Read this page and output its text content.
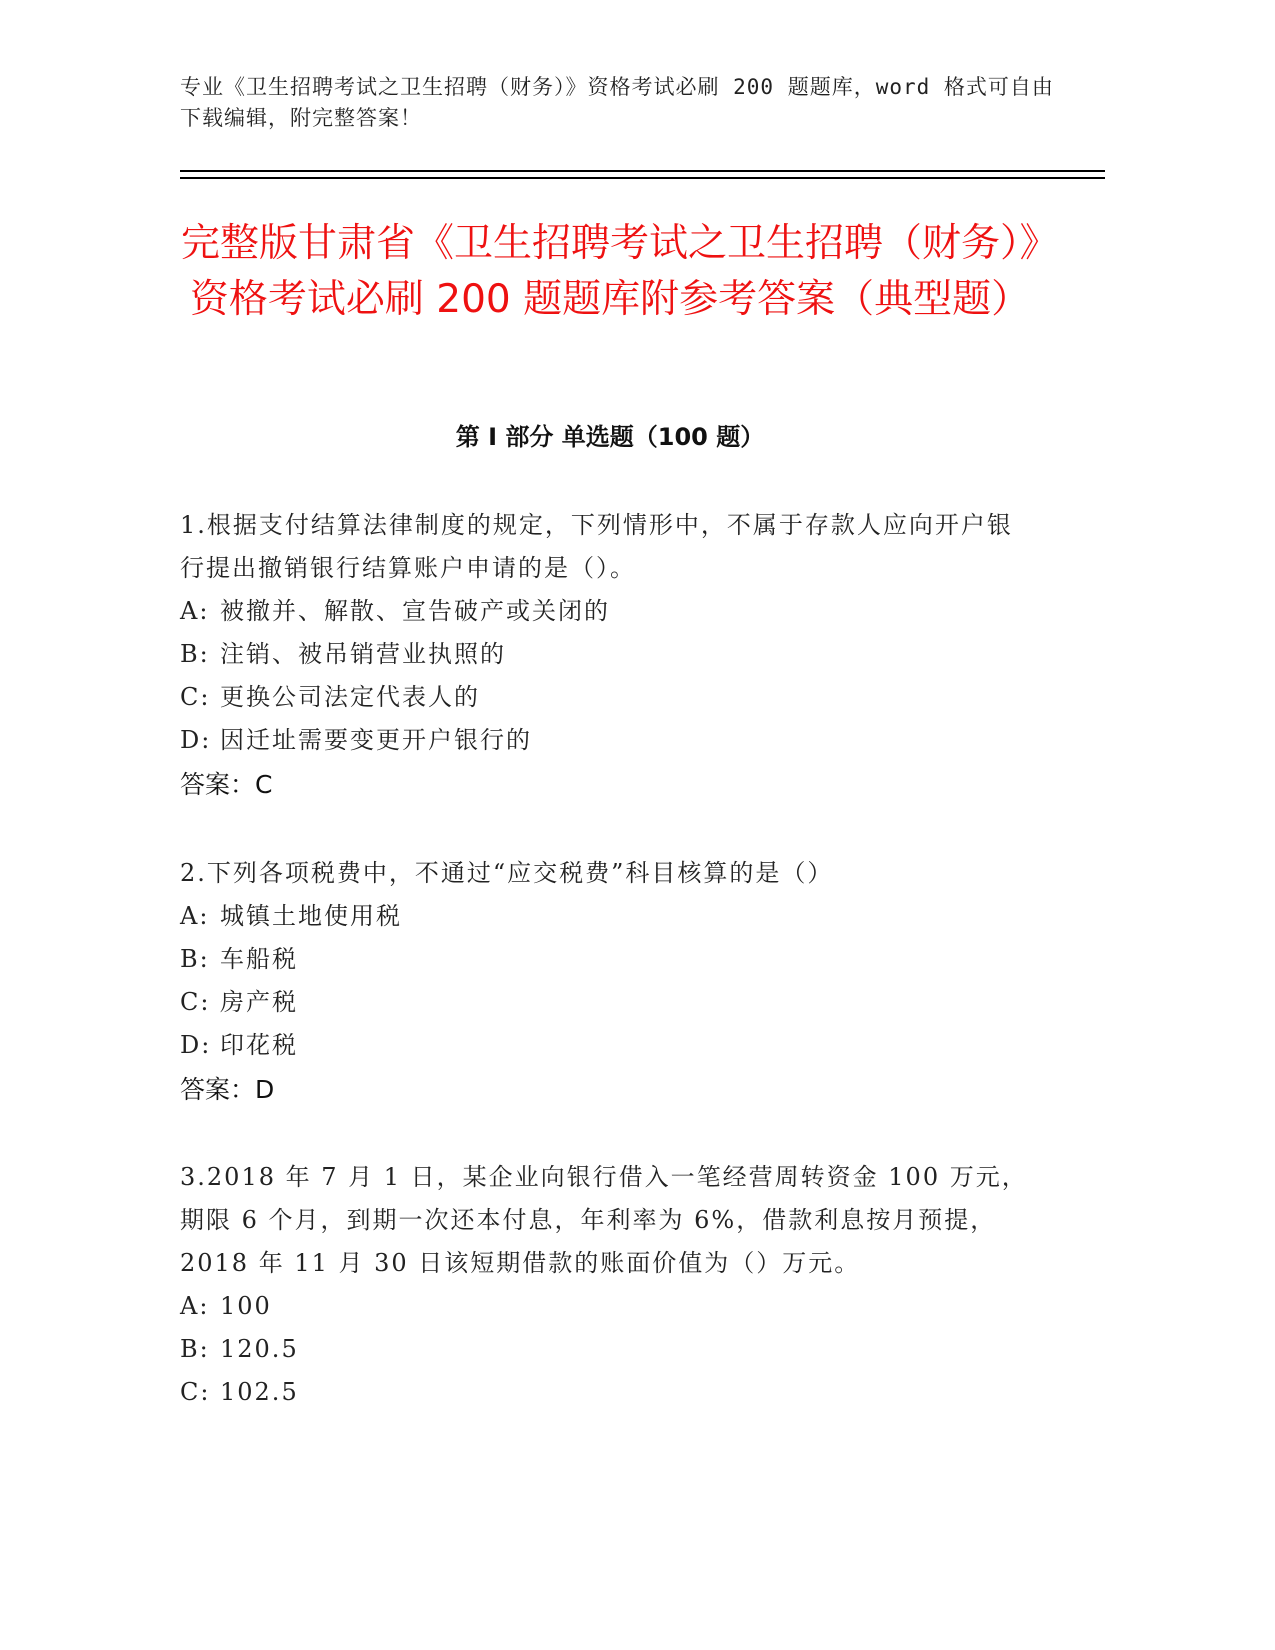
专业《卫生招聘考试之卫生招聘（财务）》资格考试必刷 200 题题库，word 格式可自由下载编辑，附完整答案！
完整版甘肃省《卫生招聘考试之卫生招聘（财务）》资格考试必刷 200 题题库附参考答案（典型题）
第 I 部分 单选题（100 题）
1.根据支付结算法律制度的规定，下列情形中，不属于存款人应向开户银行提出撤销银行结算账户申请的是（）。
A: 被撤并、解散、宣告破产或关闭的
B: 注销、被吊销营业执照的
C: 更换公司法定代表人的
D: 因迁址需要变更开户银行的
答案：C
2.下列各项税费中，不通过“应交税费”科目核算的是（）
A: 城镇土地使用税
B: 车船税
C: 房产税
D: 印花税
答案：D
3.2018 年 7 月 1 日，某企业向银行借入一笔经营周转资金 100 万元，期限 6 个月，到期一次还本付息，年利率为 6%，借款利息按月预提，2018 年 11 月 30 日该短期借款的账面价值为（）万元。
A: 100
B: 120.5
C: 102.5
